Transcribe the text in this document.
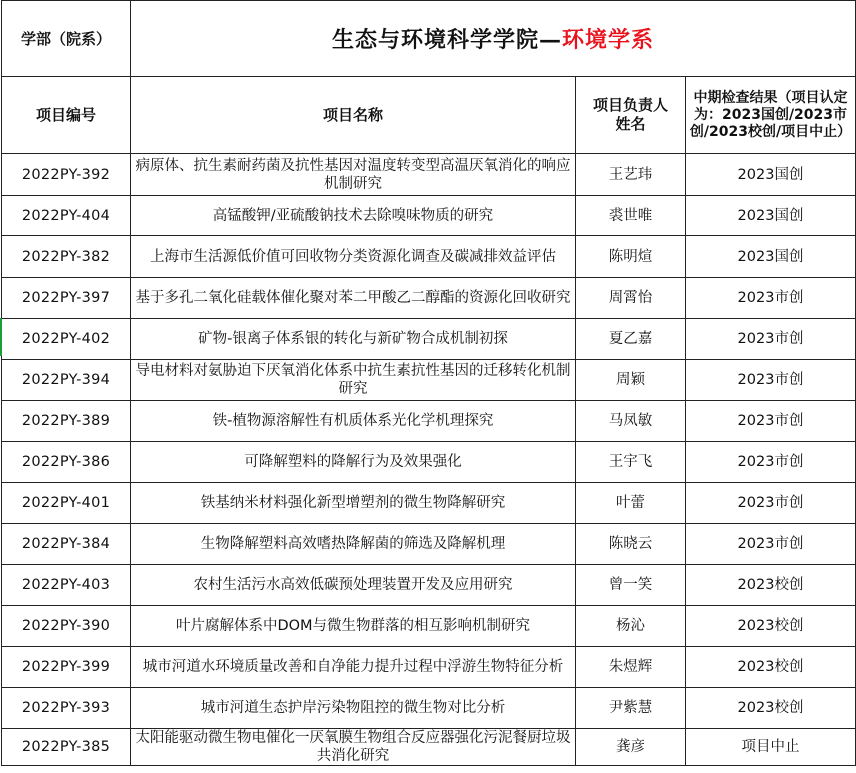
学部（院系）	生态与环境科学学院—环境学系		
项目编号	项目名称	项目负责人姓名	中期检查结果（项目认定为：2023国创/2023市创/2023校创/项目中止）
2022PY-392	病原体、抗生素耐药菌及抗性基因对温度转变型高温厌氧消化的响应机制研究	王艺玮	2023国创
2022PY-404	高锰酸钾/亚硫酸钠技术去除嗅味物质的研究	裘世唯	2023国创
2022PY-382	上海市生活源低价值可回收物分类资源化调查及碳减排效益评估	陈明煊	2023国创
2022PY-397	基于多孔二氧化硅载体催化聚对苯二甲酸乙二醇酯的资源化回收研究	周霄怡	2023市创
2022PY-402	矿物-银离子体系银的转化与新矿物合成机制初探	夏乙嘉	2023市创
2022PY-394	导电材料对氨胁迫下厌氧消化体系中抗生素抗性基因的迁移转化机制研究	周颖	2023市创
2022PY-389	铁-植物源溶解性有机质体系光化学机理探究	马凤敏	2023市创
2022PY-386	可降解塑料的降解行为及效果强化	王宇飞	2023市创
2022PY-401	铁基纳米材料强化新型增塑剂的微生物降解研究	叶蕾	2023市创
2022PY-384	生物降解塑料高效嗜热降解菌的筛选及降解机理	陈晓云	2023市创
2022PY-403	农村生活污水高效低碳预处理装置开发及应用研究	曾一笑	2023校创
2022PY-390	叶片腐解体系中DOM与微生物群落的相互影响机制研究	杨沁	2023校创
2022PY-399	城市河道水环境质量改善和自净能力提升过程中浮游生物特征分析	朱煜辉	2023校创
2022PY-393	城市河道生态护岸污染物阻控的微生物对比分析	尹紫慧	2023校创
2022PY-385	太阳能驱动微生物电催化一厌氧膜生物组合反应器强化污泥餐厨垃圾共消化研究	龚彦	项目中止
